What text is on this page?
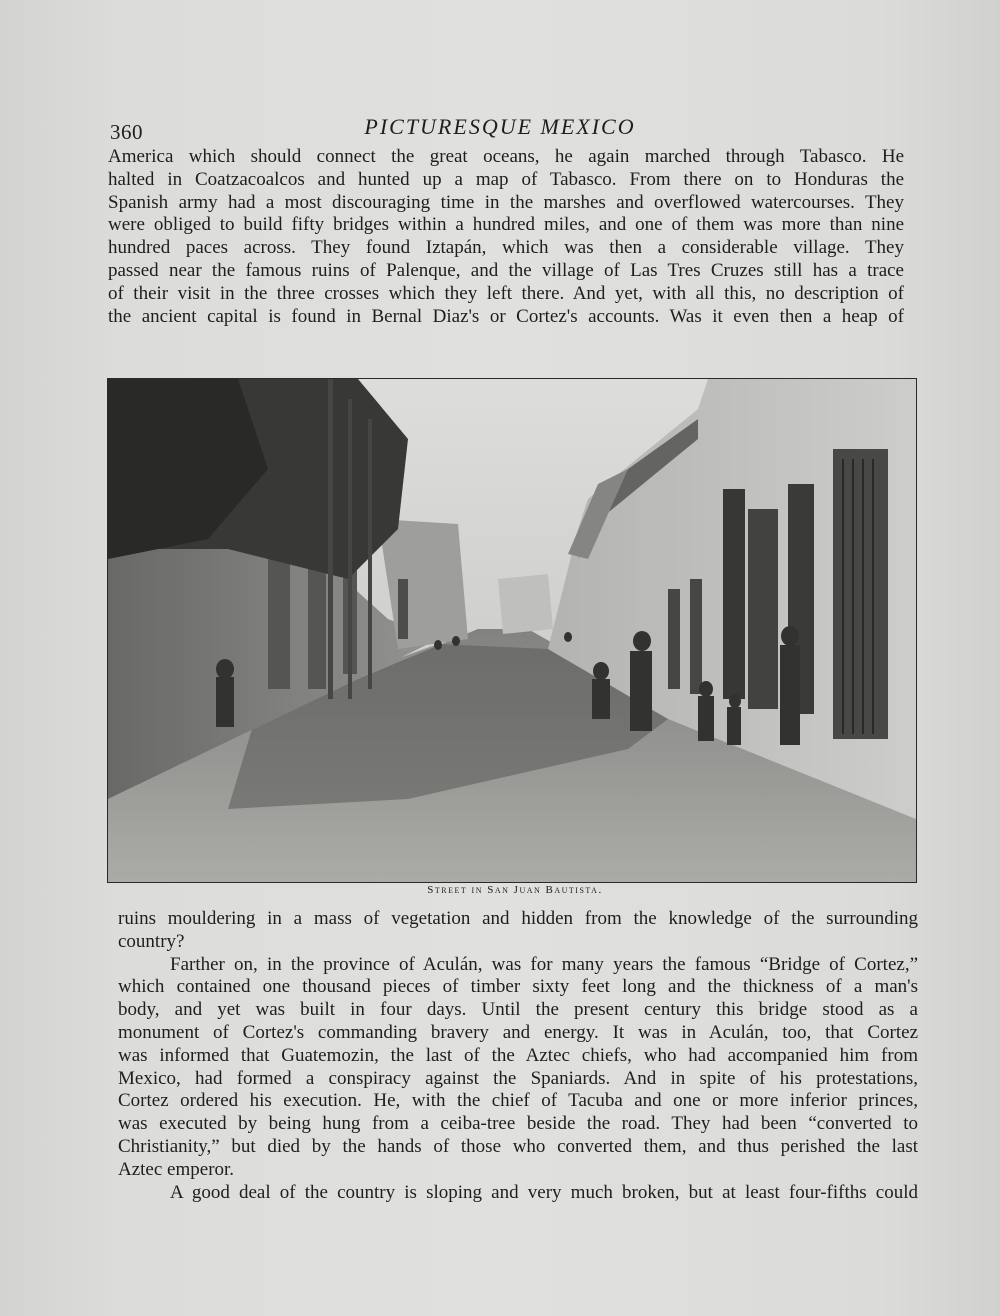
360	PICTURESQUE MEXICO
America which should connect the great oceans, he again marched through Tabasco. He
halted in Coatzacoalcos and hunted up a map of Tabasco. From there on to Honduras the
Spanish army had a most discouraging time in the marshes and overflowed watercourses. They
were obliged to build fifty bridges within a hundred miles, and one of them was more than nine
hundred paces across. They found Iztapán, which was then a considerable village. They
passed near the famous ruins of Palenque, and the village of Las Tres Cruzes still has a trace
of their visit in the three crosses which they left there. And yet, with all this, no description of
the ancient capital is found in Bernal Diaz's or Cortez's accounts. Was it even then a heap of
Street in San Juan Bautista.
ruins mouldering in a mass of vegetation and hidden from the knowledge of the surrounding
country?
Farther on, in the province of Aculán, was for many years the famous “Bridge of Cortez,”
which contained one thousand pieces of timber sixty feet long and the thickness of a man's
body, and yet was built in four days. Until the present century this bridge stood as a
monument of Cortez's commanding bravery and energy. It was in Aculán, too, that Cortez
was informed that Guatemozin, the last of the Aztec chiefs, who had accompanied him from
Mexico, had formed a conspiracy against the Spaniards. And in spite of his protestations,
Cortez ordered his execution. He, with the chief of Tacuba and one or more inferior princes,
was executed by being hung from a ceiba-tree beside the road. They had been “converted to
Christianity,” but died by the hands of those who converted them, and thus perished the last
Aztec emperor.
A good deal of the country is sloping and very much broken, but at least four-fifths could
